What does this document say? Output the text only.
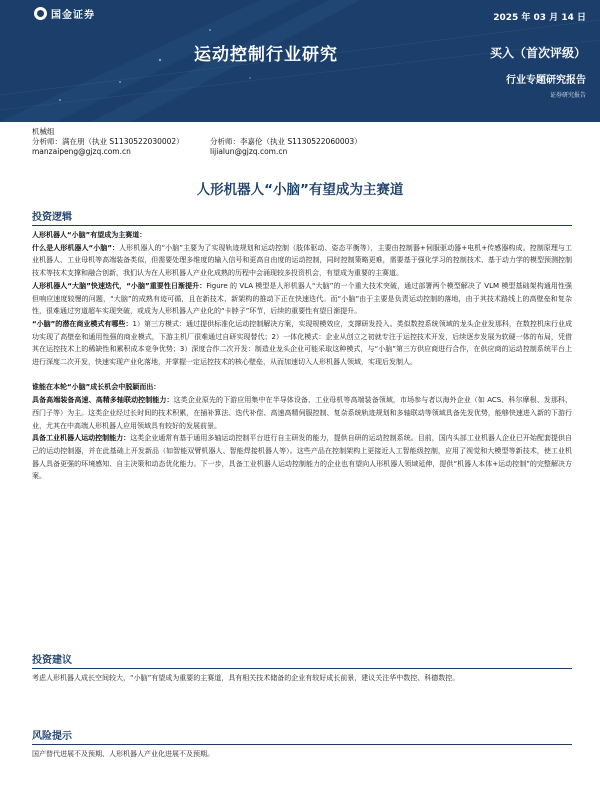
国金证券	2025 年 03 月 14 日
运动控制行业研究	买入（首次评级）
行业专题研究报告
证券研究报告
机械组
分析师：满在朋（执业 S1130522030002）	分析师：李嘉伦（执业 S1130522060003）
manzaipeng@gjzq.com.cn	lijialun@gjzq.com.cn
人形机器人“小脑”有望成为主赛道
投资逻辑

人形机器人“小脑”有望成为主赛道：

什么是人形机器人“小脑”：人形机器人的“小脑”主要为了实现轨迹规划和运动控制（肢体驱动、姿态平衡等），主要由控制器+伺服驱动器+电机+传感器构成。控制原理与工业机器人、工业母机等高端装备类似，但需要处理多维度的输入信号和更高自由度的运动控制，同时控制策略更难，需要基于强化学习的控制技术、基于动力学的模型预测控制技术等技术支撑和融合创新，我们认为在人形机器人产业化成熟的历程中会涌现较多投资机会，有望成为重要的主赛道。

人形机器人“大脑”快速迭代，“小脑”重要性日渐提升：Figure 的 VLA 模型是人形机器人“大脑”的一个重大技术突破，通过部署两个模型解决了 VLM 模型基础架构通用性强但响应速度较慢的问题，“大脑”的成熟有迹可循，且在新技术、新架构的推动下正在快速迭代。而“小脑”由于主要是负责运动控制的落地，由于其技术路线上的高壁垒和复杂性，很难通过穷道超车实现突破，或成为人形机器人产业化的“卡脖子”环节，后续的重要性有望日渐提升。

“小脑”的潜在商业模式有哪些：1）第三方模式：通过提供标准化运动控制解决方案，实现规模效应，支撑研发投入。类似数控系统领域的龙头企业发那科，在数控机床行业成功实现了高壁垒和通用性强的商业模式，下游主机厂很难通过自研实现替代；2）一体化模式：企业从创立之初就专注于运控技术开发，后续逐步发展为软硬一体的布局，凭借其在运控技术上的稀缺性和累积成本竞争优势；3）深度合作二次开发：制造业龙头企业可能采取这种模式，与“小脑”第三方供应商进行合作，在供应商的运动控制系统平台上进行深度二次开发，快速实现产业化落地，并掌握一定运控技术的核心壁垒，从而加速切入人形机器人领域，实现后发制人。

谁能在本轮“小脑”成长机会中脱颖而出：

具备高端装备高速、高精多轴联动控制能力：这类企业原先的下游应用集中在半导体设备、工业母机等高端装备领域，市场参与者以海外企业（如 ACS、科尔摩根、发那科、西门子等）为主。这类企业经过长时间的技术积累，在插补算法、迭代补偿、高速高精伺服控制、复杂系统轨迹规划和多轴联动等领域具备先发优势，能够快速进入新的下游行业，尤其在中高端人形机器人应用领域具有较好的发展前景。

具备工业机器人运动控制能力：这类企业通常有基于通用多轴运动控制平台进行自主研发的能力，提供自研的运动控制系统。目前，国内头部工业机器人企业已开始配套提供自己的运动控制器，并在此基础上开发新品（如智能双臂机器人、智能焊接机器人等）。这些产品在控制架构上更接近人工智能级控制，应用了视觉和大模型等新技术，使工业机器人具备更强的环境感知、自主决策和动态优化能力。下一步，具备工业机器人运动控制能力的企业也有望向人形机器人领域延伸，提供“机器人本体+运动控制”的完整解决方案。

投资建议

考虑人形机器人成长空间较大，“小脑”有望成为重要的主赛道，具有相关技术储备的企业有较好成长前景，建议关注华中数控、科德数控。

风险提示

国产替代进展不及预期、人形机器人产业化进展不及预期。
